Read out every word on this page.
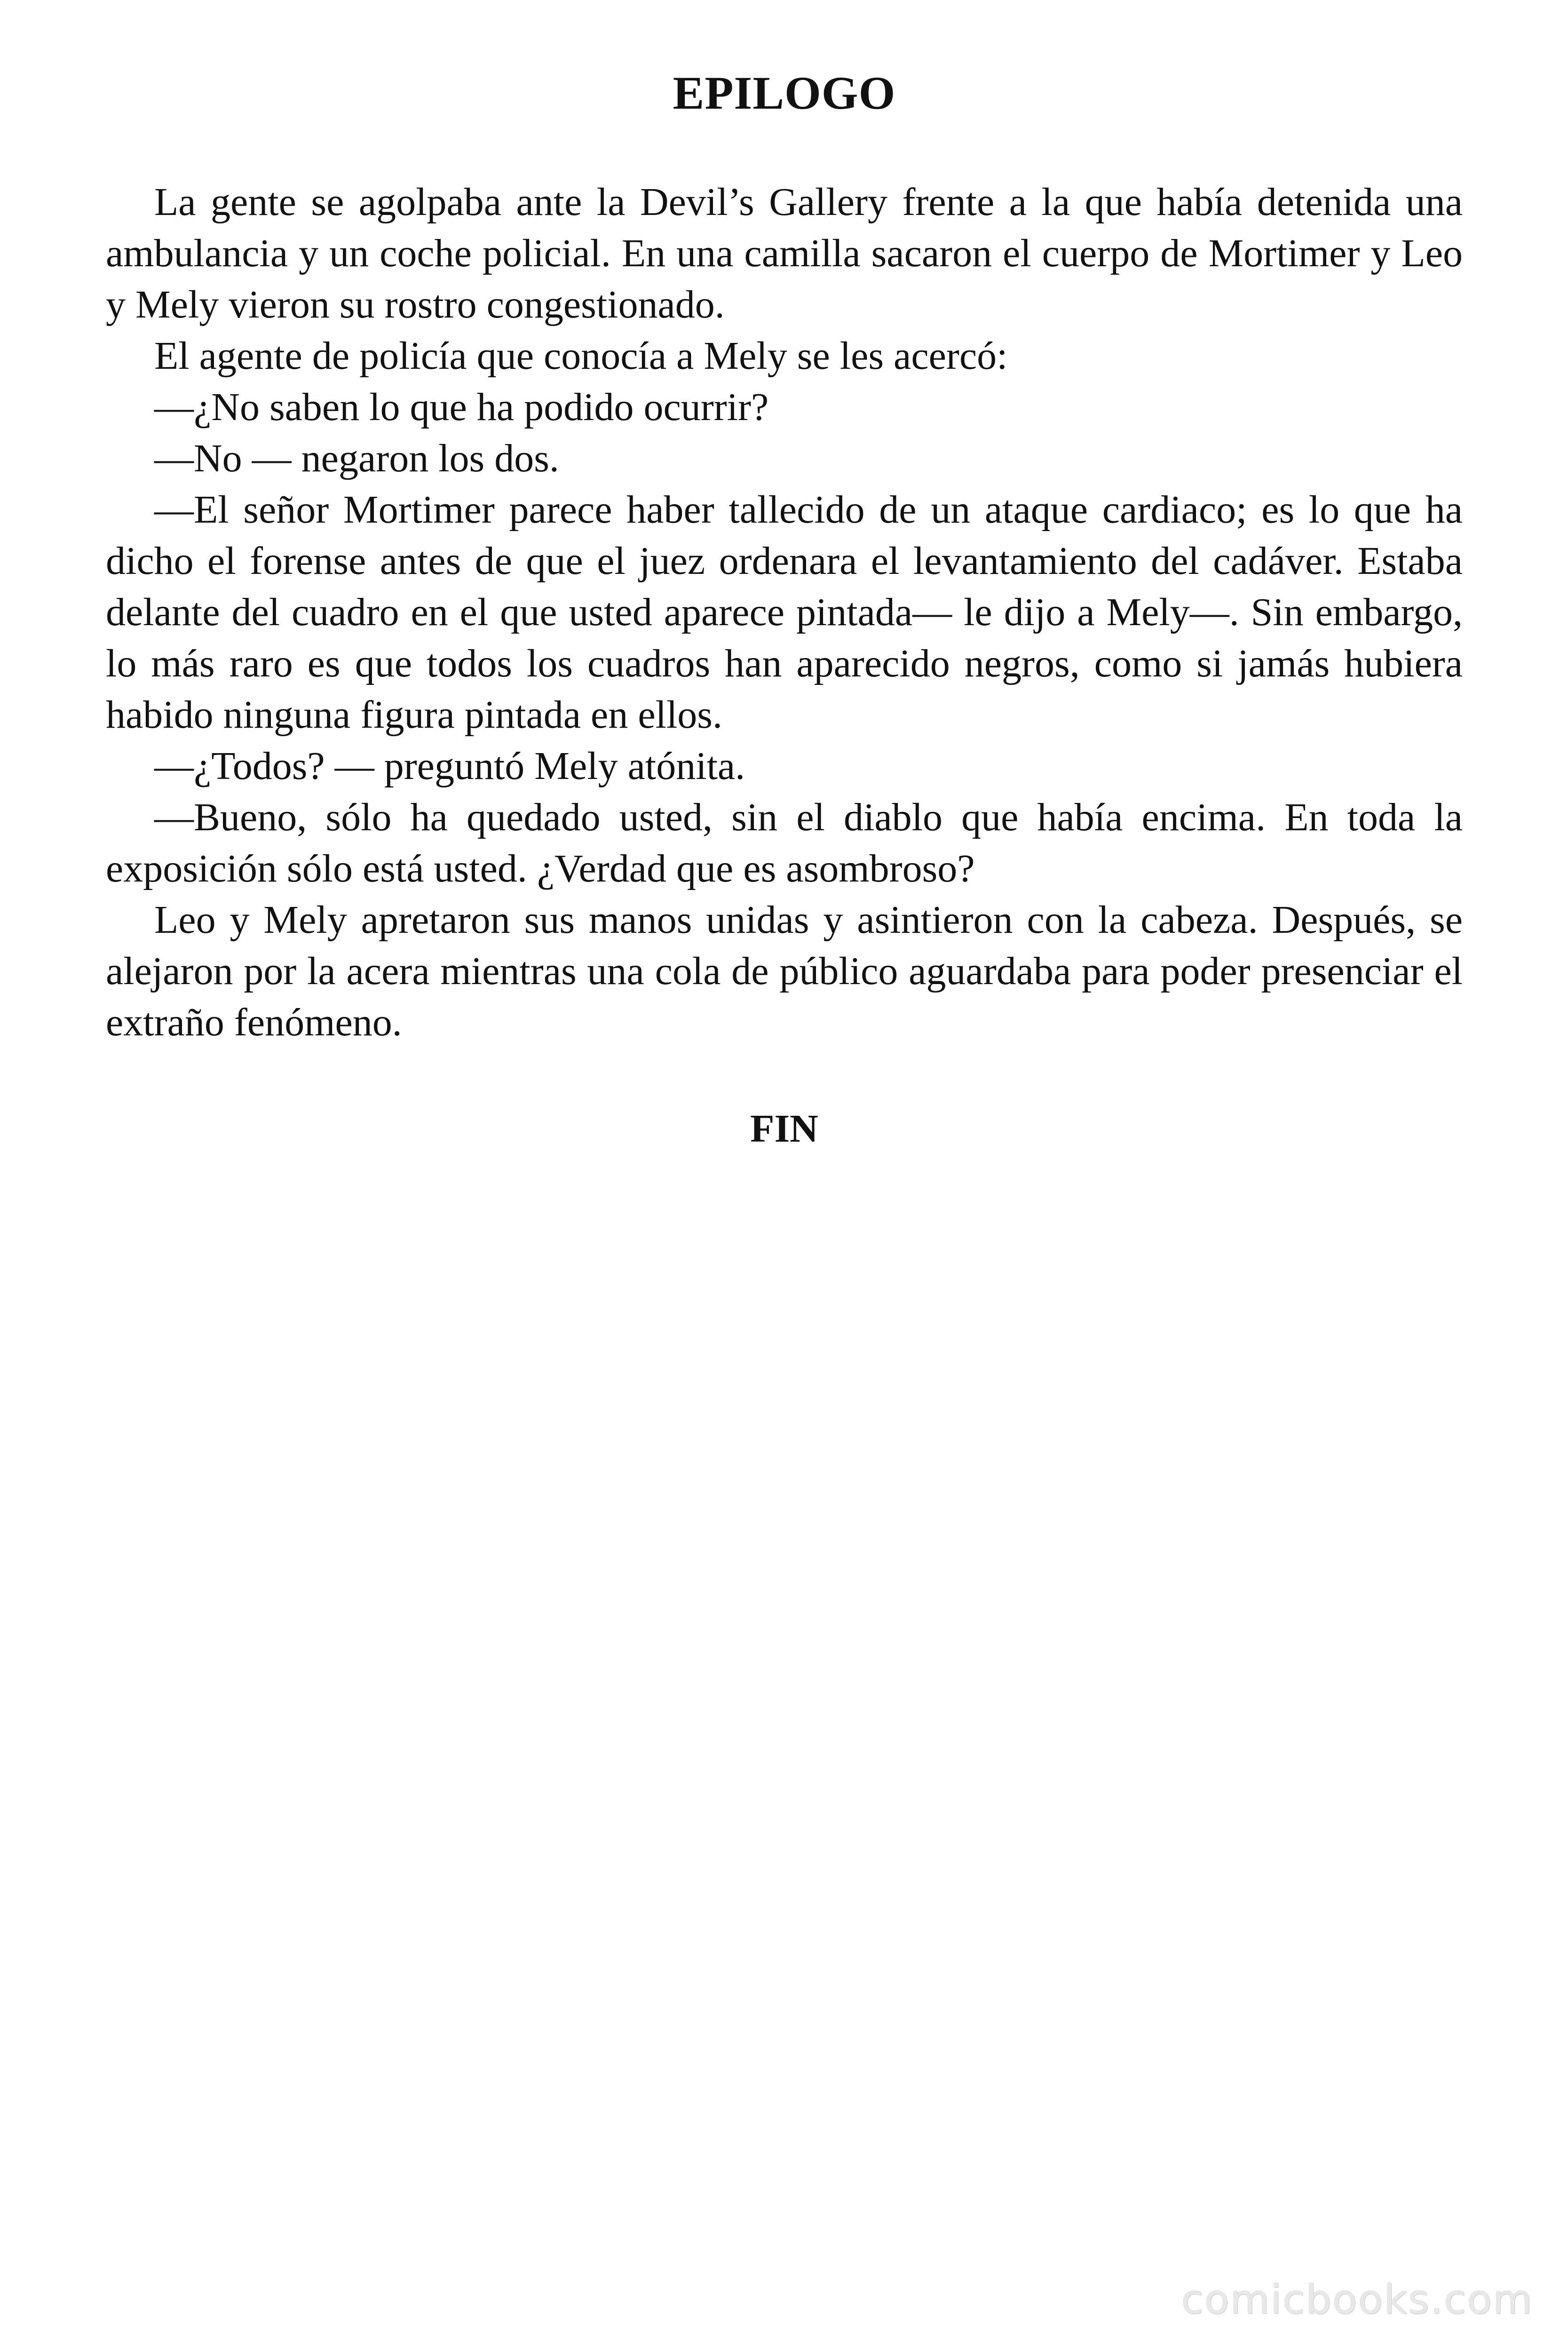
EPILOGO

La gente se agolpaba ante la Devil’s Gallery frente a la que había detenida una ambulancia y un coche policial. En una camilla sacaron el cuerpo de Mortimer y Leo y Mely vieron su rostro congestionado.

El agente de policía que conocía a Mely se les acercó:

—¿No saben lo que ha podido ocurrir?

—No — negaron los dos.

—El señor Mortimer parece haber tallecido de un ataque cardiaco; es lo que ha dicho el forense antes de que el juez ordenara el levantamiento del cadáver. Estaba delante del cuadro en el que usted aparece pintada— le dijo a Mely—. Sin embargo, lo más raro es que todos los cuadros han aparecido negros, como si jamás hubiera habido ninguna figura pintada en ellos.

—¿Todos? — preguntó Mely atónita.

—Bueno, sólo ha quedado usted, sin el diablo que había encima. En toda la exposición sólo está usted. ¿Verdad que es asombroso?

Leo y Mely apretaron sus manos unidas y asintieron con la cabeza. Después, se alejaron por la acera mientras una cola de público aguardaba para poder presenciar el extraño fenómeno.

FIN

comicbooks.com
